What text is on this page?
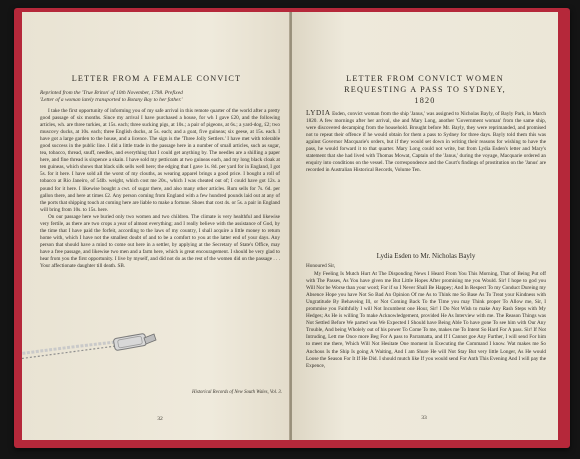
LETTER FROM A FEMALE CONVICT
Reprinted from the 'True Briton' of 10th November, 1798. Prefixed
'Letter of a woman lately transported to Botany Bay to her father.'

I take the first opportunity of informing you of my safe arrival in this remote quarter of the world after a pretty good passage of six months. Since my arrival I have purchased a house, for wh I gave £20, and the following articles, wh. are three turkies, at 15s. each; three sucking pigs, at 10s.; a pair of pigeons, at 6s.; a yard-dog, £2; two muscovy ducks, at 10s. each; three English ducks, at 5s. each; and a goat, five guineas; six geese, at 15s. each. I have got a large garden to the house, and a licence. The sign is the 'Three Jolly Settlers.' I have met with tolerable good success in the public line. I did a little trade in the passage here in a number of small articles, such as sugar, tea, tobacco, thread, snuff, needles, and everything that I could get anything by. The needles are a shilling a paper here, and fine thread is sixpence a skain. I have sold my petticoats at two guineas each, and my long black cloak at ten guineas, which shows that black silk sells well here; the edging that I gave 1s. 8d. per yard for in England, I got 5s. for it here. I have sold all the worst of my clouths, as wearing apparel brings a good price. I bought a roll of tobacco at Rio Janeiro, of 54lb. weight, which cost me 20s., which I was cheated out of; I could have got 12s. a pound for it here. I likewise bought a cwt. of sugar there, and also many other articles. Rum sells for 7s. 6d. per gallon there, and here at times £2. Any person coming from England with a few hundred pounds laid out at any of the ports that shipping touch at coming here are liable to make a fortune. Shoes that cost 4s. or 5s. a pair in England will bring from 10s. to 15s. here.

On our passage here we buried only two women and two children. The climate is very healthful and likewise very fertile, as there are two crops a year of almost everything; and I really believe with the assistance of God, by the time that I have paid the forfeit, according to the laws of my country, I shall acquire a little money to return home with, which I have not the smallest doubt of and to be a comfort to you at the latter end of your days. Any person that should have a mind to come out here in a settler, by applying at the Secretary of State's Office, may have a free passage, and likewise two men and a farm here, which is great encouragement. I should be very glad to hear from you the first opportunity. I live by myself, and did not do as the rest of the women did on the passage . . . Your affectionate daughter till death. SB.

Historical Records of New South Wales, Vol. 3.
32
LETTER FROM CONVICT WOMEN
REQUESTING A PASS TO SYDNEY,
1820

LYDIA Esden, convict woman from the ship 'Janus,' was assigned to Nicholas Bayly, of Bayly Park, in March 1820. A few mornings after her arrival, she and Mary Long, another 'Government woman' from the same ship, were discovered decamping from the household. Brought before Mr. Bayly, they were reprimanded, and promised not to repeat their offence if he would obtain for them a pass to Sydney for three days. Bayly told them this was against Governor Macquarie's orders, but if they would set down in writing their reasons for wishing to have the pass, he would forward it to that quarter. Mary Long could not write, but from Lydia Esden's letter and Mary's statement that she had lived with Thomas Mowat, Captain of the 'Janus,' during the voyage, Macquarie ordered an enquiry into conditions on the vessel. The correspondence and the Court's findings of prostitution on the 'Janus' are recorded in Australian Historical Records, Volume Ten.

Lydia Esden to Mr. Nicholas Bayly
Honoured Sir,

My Feeling Is Mutch Hurt At The Disponding News I Heard From You This Morning, That of Being Put off with The Passes, As You have given me But Little Hopes After promising me you Would. Sir! I hope to god you Will Nor be Worse than your word; For if so I Never Shall Be Happey; And In Respect To my Conduct Dureing my Absence Hope you have Not So Bad An Opinion Of me As to Think me So Base As To Treat your Kindness with Ungratitude By Behaveing Ill, or Not Coming Back To the Time you may Think proper To Allow me, Sir, I prommise you Faithfully I will Not Incumbent one Hour, Sir! I Do Not Wish to make Any Rash Steps with My Hedges; As He is willing To make Acknowledgement, provided He As Interview with me. The Reason Things was Not Settled Before We parted was We Expected I Should have Being Able To have gone To see him with Our Any Trouble, And being Wholely out of his power To Come To me, makes me To Intent So Hard For A pass. Sir! If Not Intruding, Lett me Once more Beg For A pass to Parramatta, and If I Cannot goe Any Further, I will send For him to meet me there, Which Will Not Hesitate One moment in Executing the Command I know. Wat makes me So Anchous Is the Ship Is going A Waiting, And I am Shure He will Not Stay But very little Longer, As He would Loose the Season For It If He Did. I should mutch like If you would send For Anth This Evening And I will pay the Expence,

33
